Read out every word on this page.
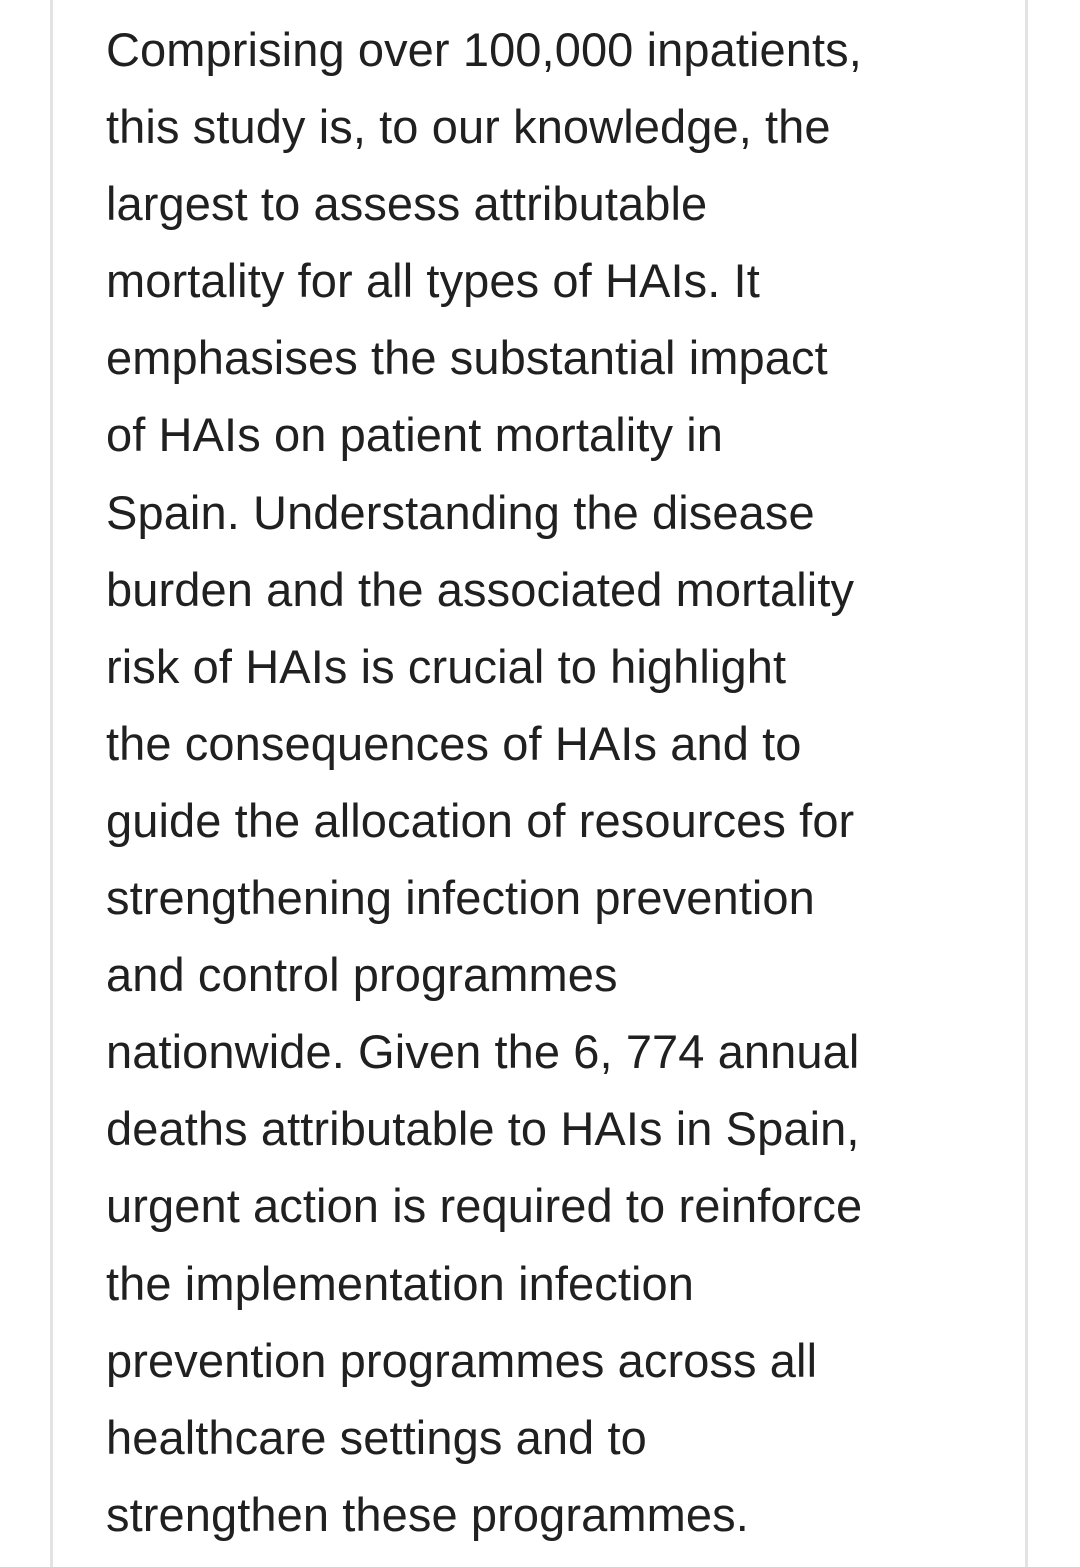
Comprising over 100,000 inpatients,
this study is, to our knowledge, the
largest to assess attributable
mortality for all types of HAIs. It
emphasises the substantial impact
of HAIs on patient mortality in
Spain. Understanding the disease
burden and the associated mortality
risk of HAIs is crucial to highlight
the consequences of HAIs and to
guide the allocation of resources for
strengthening infection prevention
and control programmes
nationwide. Given the 6, 774 annual
deaths attributable to HAIs in Spain,
urgent action is required to reinforce
the implementation infection
prevention programmes across all
healthcare settings and to
strengthen these programmes.
